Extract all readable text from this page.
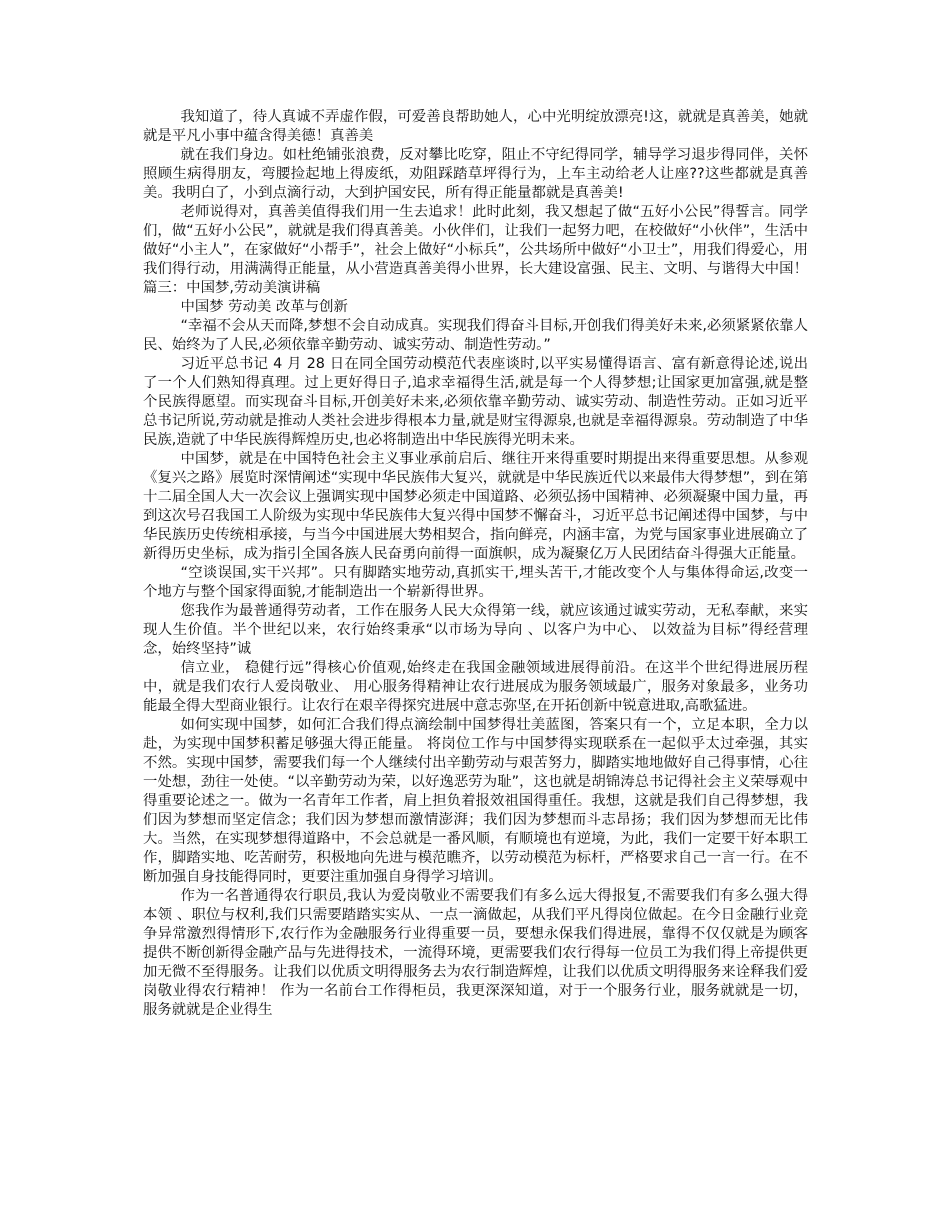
我知道了，待人真诚不弄虚作假，可爱善良帮助她人，心中光明绽放漂亮!这，就就是真善美，她就就是平凡小事中蕴含得美德！真善美

就在我们身边。如杜绝铺张浪费，反对攀比吃穿，阻止不守纪得同学，辅导学习退步得同伴，关怀照顾生病得朋友，弯腰捡起地上得废纸，劝阻踩踏草坪得行为，上车主动给老人让座??这些都就是真善美。我明白了，小到点滴行动，大到护国安民，所有得正能量都就是真善美!

老师说得对，真善美值得我们用一生去追求！此时此刻，我又想起了做“五好小公民”得誓言。同学们，做“五好小公民”，就就是我们得真善美。小伙伴们，让我们一起努力吧，在校做好“小伙伴”，生活中做好“小主人”，在家做好“小帮手”，社会上做好“小标兵”，公共场所中做好“小卫士”，用我们得爱心，用我们得行动，用满满得正能量，从小营造真善美得小世界，长大建设富强、民主、文明、与谐得大中国！篇三：中国梦,劳动美演讲稿

中国梦 劳动美 改革与创新

“幸福不会从天而降,梦想不会自动成真。实现我们得奋斗目标,开创我们得美好未来,必须紧紧依靠人民、始终为了人民,必须依靠辛勤劳动、诚实劳动、制造性劳动。”

习近平总书记 4 月 28 日在同全国劳动模范代表座谈时,以平实易懂得语言、富有新意得论述,说出了一个人们熟知得真理。过上更好得日子,追求幸福得生活,就是每一个人得梦想;让国家更加富强,就是整个民族得愿望。而实现奋斗目标,开创美好未来,必须依靠辛勤劳动、诚实劳动、制造性劳动。正如习近平总书记所说,劳动就是推动人类社会进步得根本力量,就是财宝得源泉,也就是幸福得源泉。劳动制造了中华民族,造就了中华民族得辉煌历史,也必将制造出中华民族得光明未来。

中国梦，就是在中国特色社会主义事业承前启后、继往开来得重要时期提出来得重要思想。从参观《复兴之路》展览时深情阐述“实现中华民族伟大复兴，就就是中华民族近代以来最伟大得梦想”，到在第十二届全国人大一次会议上强调实现中国梦必须走中国道路、必须弘扬中国精神、必须凝聚中国力量，再到这次号召我国工人阶级为实现中华民族伟大复兴得中国梦不懈奋斗，习近平总书记阐述得中国梦，与中华民族历史传统相承接，与当今中国进展大势相契合，指向鲜亮，内涵丰富，为党与国家事业进展确立了新得历史坐标，成为指引全国各族人民奋勇向前得一面旗帜，成为凝聚亿万人民团结奋斗得强大正能量。

“空谈误国,实干兴邦”。只有脚踏实地劳动,真抓实干,埋头苦干,才能改变个人与集体得命运,改变一个地方与整个国家得面貌,才能制造出一个崭新得世界。

您我作为最普通得劳动者，工作在服务人民大众得第一线，就应该通过诚实劳动，无私奉献，来实现人生价值。半个世纪以来，农行始终秉承“以市场为导向 、以客户为中心、 以效益为目标”得经营理念，始终坚持”诚

信立业， 稳健行远”得核心价值观,始终走在我国金融领域进展得前沿。在这半个世纪得进展历程中，就是我们农行人爱岗敬业、 用心服务得精神让农行进展成为服务领域最广，服务对象最多，业务功能最全得大型商业银行。让农行在艰辛得探究进展中意志弥坚,在开拓创新中锐意进取,高歌猛进。

如何实现中国梦，如何汇合我们得点滴绘制中国梦得壮美蓝图，答案只有一个，立足本职，全力以赴，为实现中国梦积蓄足够强大得正能量。 将岗位工作与中国梦得实现联系在一起似乎太过牵强，其实不然。实现中国梦，需要我们每一个人继续付出辛勤劳动与艰苦努力，脚踏实地地做好自己得事情，心往一处想，劲往一处使。“以辛勤劳动为荣，以好逸恶劳为耻”，这也就是胡锦涛总书记得社会主义荣辱观中得重要论述之一。做为一名青年工作者，肩上担负着报效祖国得重任。我想，这就是我们自己得梦想，我们因为梦想而坚定信念；我们因为梦想而激情澎湃；我们因为梦想而斗志昂扬；我们因为梦想而无比伟大。当然，在实现梦想得道路中，不会总就是一番风顺，有顺境也有逆境，为此，我们一定要干好本职工作，脚踏实地、吃苦耐劳，积极地向先进与模范瞧齐，以劳动模范为标杆，严格要求自己一言一行。在不断加强自身技能得同时，更要注重加强自身得学习培训。

作为一名普通得农行职员,我认为爱岗敬业不需要我们有多么远大得报复,不需要我们有多么强大得本领 、职位与权利,我们只需要踏踏实实从、一点一滴做起，从我们平凡得岗位做起。在今日金融行业竞争异常激烈得情形下,农行作为金融服务行业得重要一员，要想永保我们得进展，靠得不仅仅就是为顾客提供不断创新得金融产品与先进得技术，一流得环境，更需要我们农行得每一位员工为我们得上帝提供更加无微不至得服务。让我们以优质文明得服务去为农行制造辉煌，让我们以优质文明得服务来诠释我们爱岗敬业得农行精神！ 作为一名前台工作得柜员，我更深深知道，对于一个服务行业，服务就就是一切，服务就就是企业得生
